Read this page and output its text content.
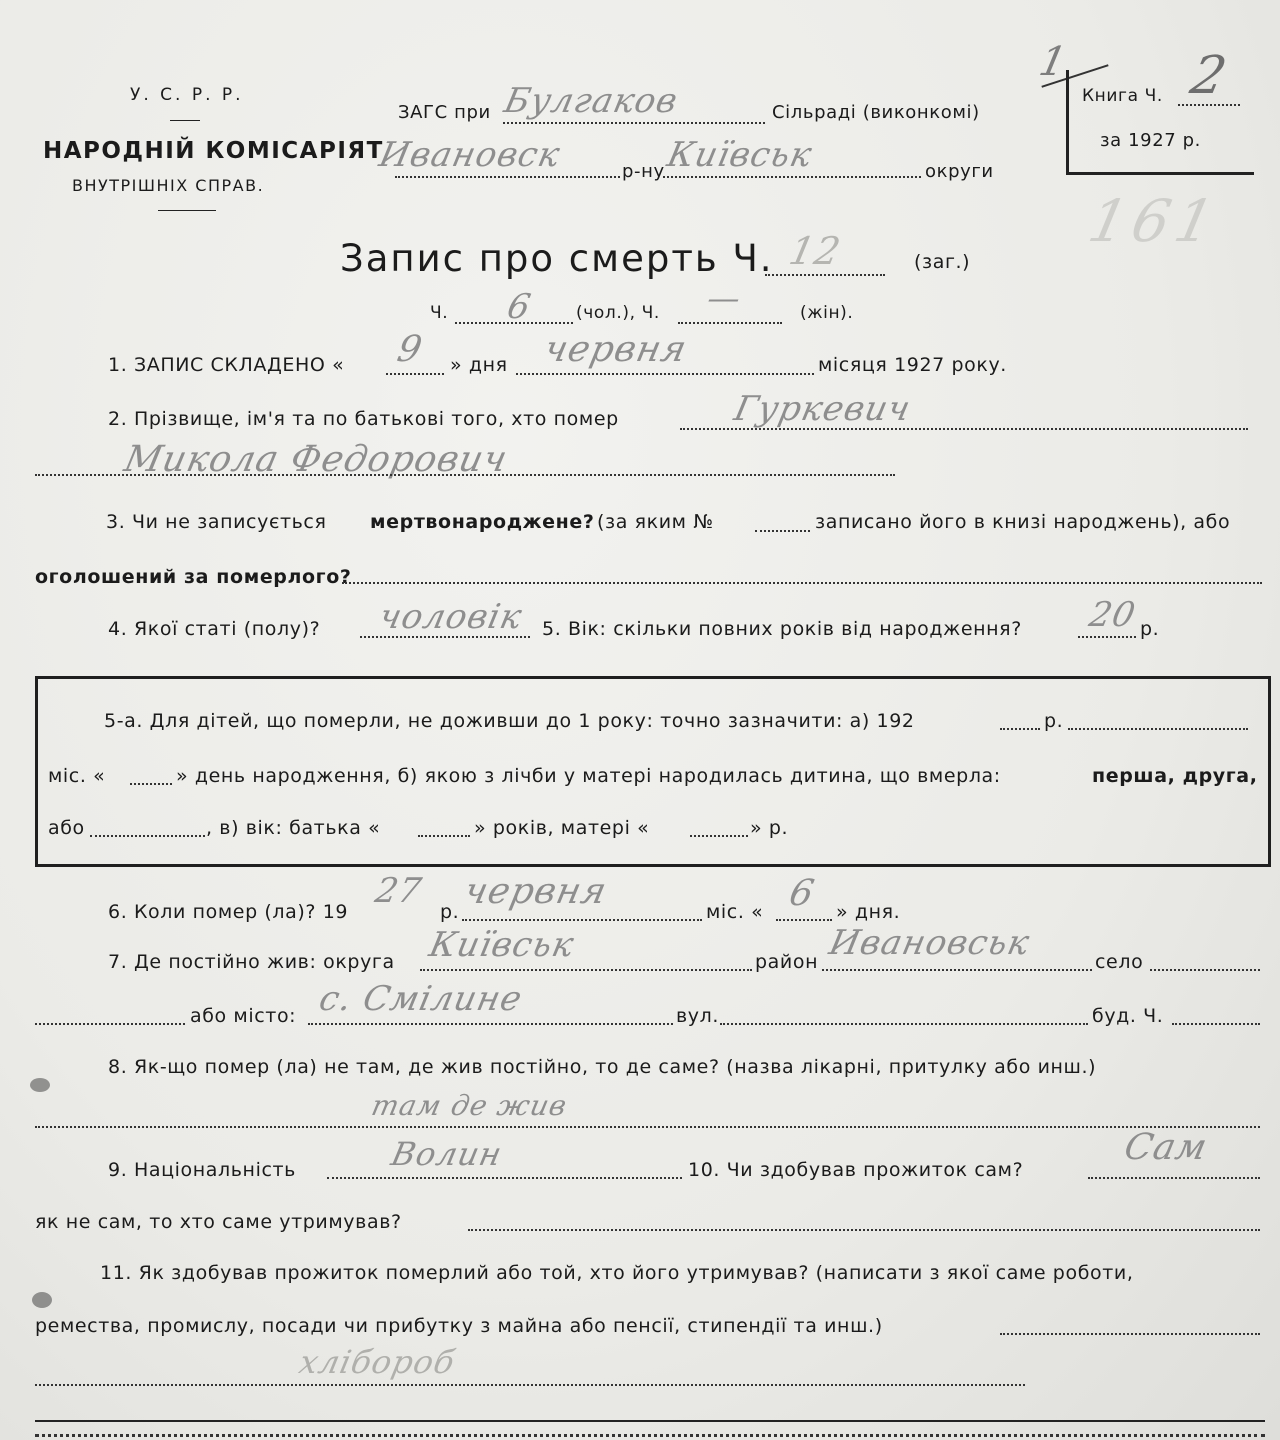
У. С. Р. Р.
НАРОДНІЙ КОМІСАРІЯТ
ВНУТРІШНІХ СПРАВ.
ЗАГС при Булгаков	Сільраді (виконкомі)
Ивановск	р-ну
Київськ	округи
1
Книга Ч. 2
за 1927 р.
161
Запис про смерть Ч. 12	(заг.)
Ч. 6 (чол.), Ч. —	(жін).
1. ЗАПИС СКЛАДЕНО « 9 » дня червня	місяця 1927 року.
2. Прізвище, ім'я та по батькові того, хто помер	Гуркевич
Микола Федорович
3. Чи не записується мертвонароджене? (за яким №	записано його в книзі народжень), або
оголошений за померлого?
4. Якої статі (полу)? чоловік 5. Вік: скільки повних років від народження? 20 р.
5-а. Для дітей, що померли, не доживши до 1 року: точно зазначити: а) 192	р.
міс. «	» день народження, б) якою з лічби у матері народилась дитина, що вмерла:	перша, друга,
або	, в) вік: батька «	» років, матері «	» р.
6. Коли помер (ла)? 19
27
р. червня	міс. « 6 » дня.
7. Де постійно жив: округа Київськ	район Ивановськ	село
або місто: с. Смілине	вул.	буд. Ч.
8. Як-що помер (ла) не там, де жив постійно, то де саме? (назва лікарні, притулку або инш.)
там де жив
9. Національність	Волин	10. Чи здобував прожиток сам?
Сам
як не сам, то хто саме утримував?
11. Як здобував прожиток померлий або той, хто його утримував? (написати з якої саме роботи,
ремества, промислу, посади чи прибутку з майна або пенсії, стипендії та инш.)
хлібороб
